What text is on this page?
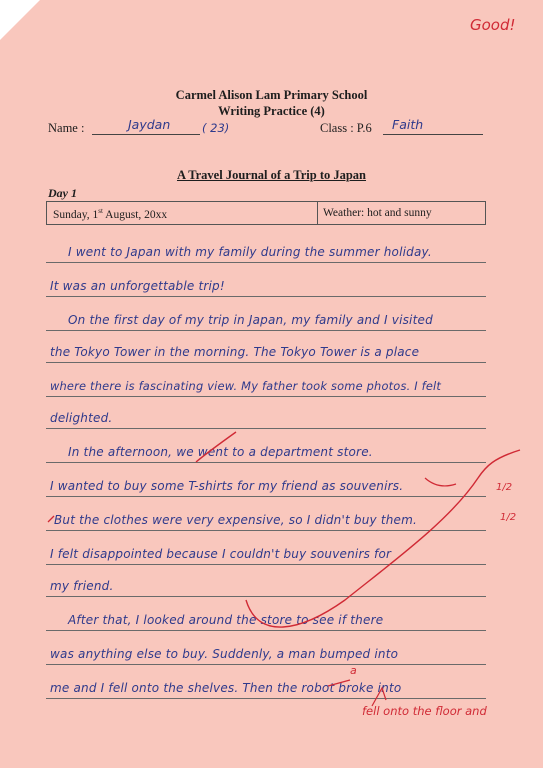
Good!
Carmel Alison Lam Primary School
Writing Practice (4)
Name :	Jaydan	( 23)	Class : P.6 Faith
A Travel Journal of a Trip to Japan
Day 1
Sunday, 1st August, 20xx	Weather: hot and sunny
I went to Japan with my family during the summer holiday.
It was an unforgettable trip!
On the first day of my trip in Japan, my family and I visited
the Tokyo Tower in the morning. The Tokyo Tower is a place
where there is fascinating view. My father took some photos. I felt
delighted.
In the afternoon, we went to a department store.
I wanted to buy some T-shirts for my friend as souvenirs.
But the clothes were very expensive, so I didn't buy them.
I felt disappointed because I couldn't buy souvenirs for
my friend.
After that, I looked around the store to see if there
was anything else to buy. Suddenly, a man bumped into
me and I fell onto the shelves. Then the robot broke into
a
1/2
1/2
fell onto the floor and
